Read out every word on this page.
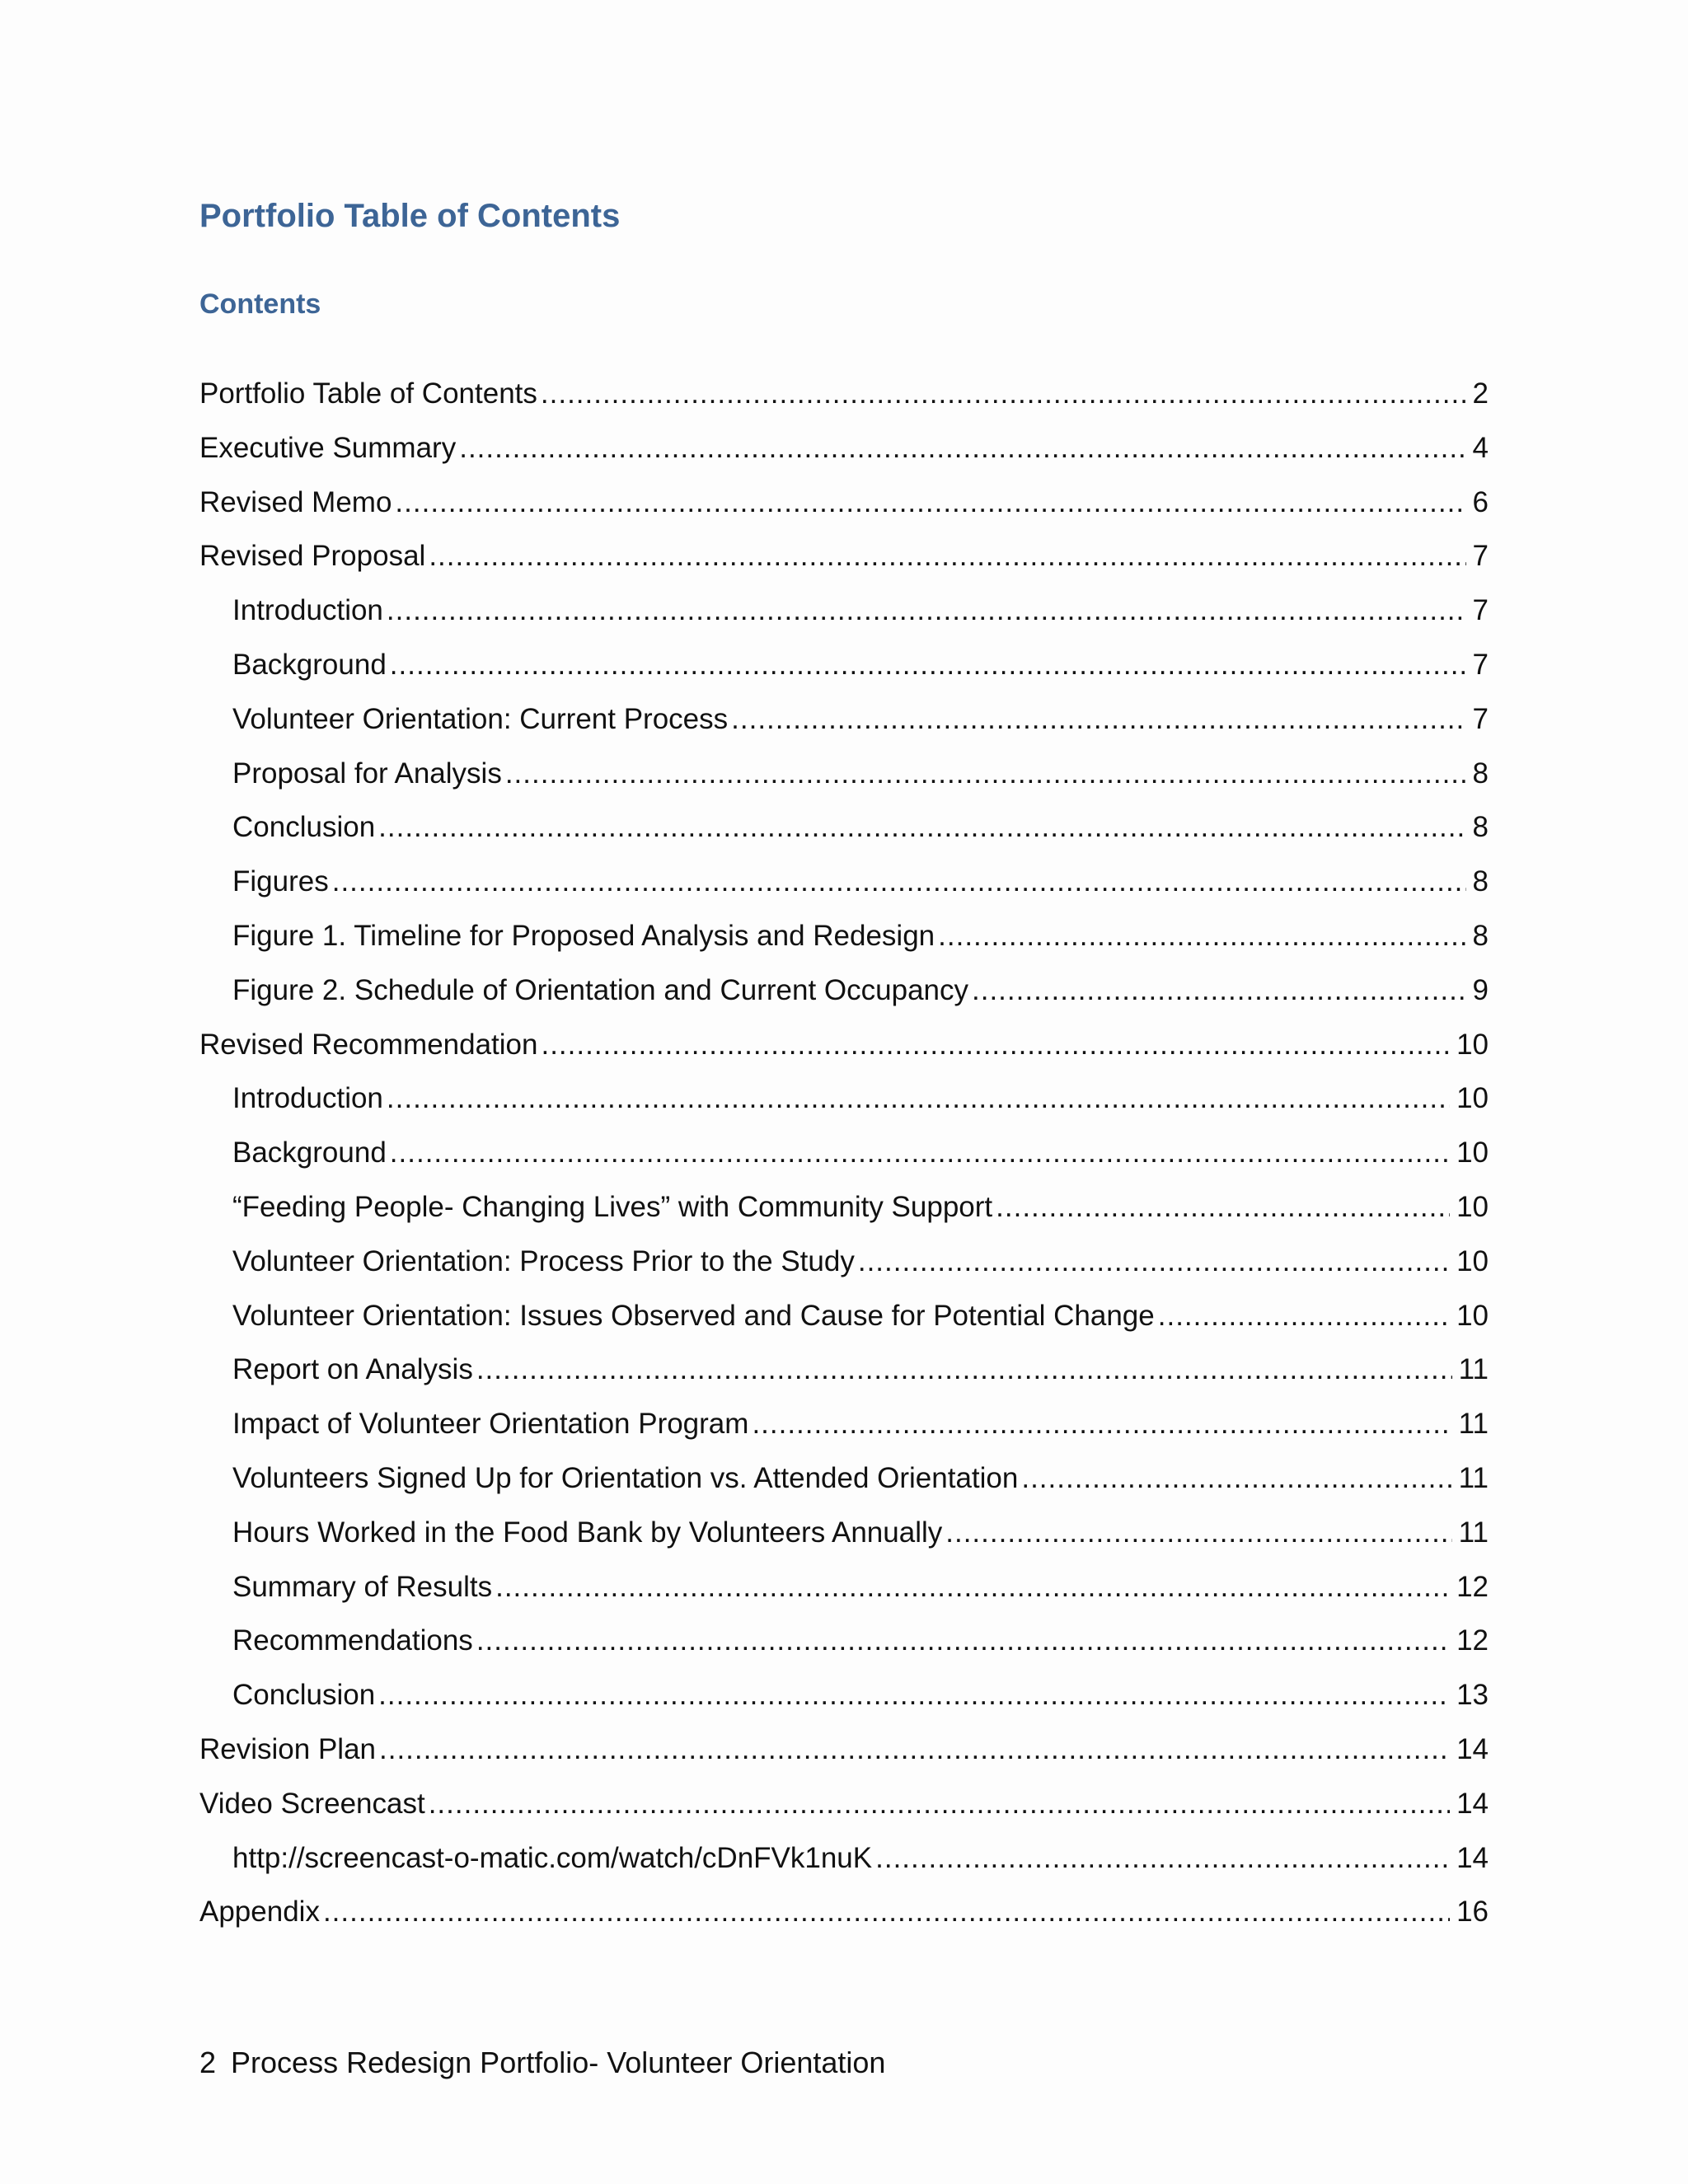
Portfolio Table of Contents
Contents
Portfolio Table of Contents .....	2
Executive Summary .....	4
Revised Memo .....	6
Revised Proposal .....	7
Introduction .....	7
Background .....	7
Volunteer Orientation: Current Process .....	7
Proposal for Analysis .....	8
Conclusion .....	8
Figures .....	8
Figure 1. Timeline for Proposed Analysis and Redesign .....	8
Figure 2. Schedule of Orientation and Current Occupancy .....	9
Revised Recommendation .....	10
Introduction .....	10
Background .....	10
“Feeding People- Changing Lives” with Community Support .....	10
Volunteer Orientation: Process Prior to the Study .....	10
Volunteer Orientation: Issues Observed and Cause for Potential Change .....	10
Report on Analysis .....	11
Impact of Volunteer Orientation Program .....	11
Volunteers Signed Up for Orientation vs. Attended Orientation .....	11
Hours Worked in the Food Bank by Volunteers Annually .....	11
Summary of Results .....	12
Recommendations .....	12
Conclusion .....	13
Revision Plan .....	14
Video Screencast .....	14
http://screencast-o-matic.com/watch/cDnFVk1nuK .....	14
Appendix .....	16
2 Process Redesign Portfolio- Volunteer Orientation
